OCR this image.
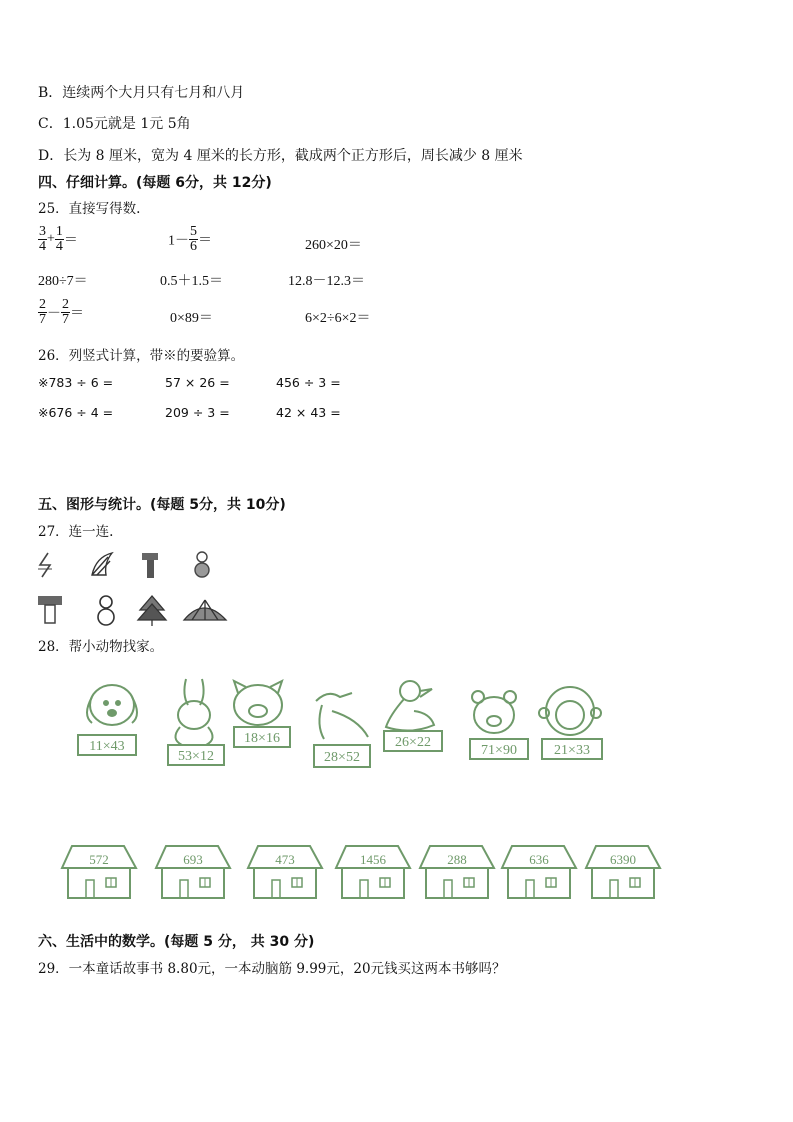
B．连续两个大月只有七月和八月
C．1.05元就是 1元 5角
D．长为 8 厘米，宽为 4 厘米的长方形，截成两个正方形后，周长减少 8 厘米
四、仔细计算。(每题 6分，共 12分)
25．直接写得数.
$\frac{3}{4} + \frac{1}{4}$ ＝	$1- \frac{5}{6}$ ＝	260×20＝
280÷7＝	0.5＋1.5＝	12.8－12.3＝
$\frac{2}{7} - \frac{2}{7}$ ＝	0×89＝	6×2÷6×2＝
26．列竖式计算，带※的要验算。
※783 ÷ 6 =	57 × 26 =	456 ÷ 3 =
※676 ÷ 4 =	209 ÷ 3 =	42 × 43 =
五、图形与统计。(每题 5分，共 10分)
27．连一连.
28．帮小动物找家。
11×43
53×12
18×16
28×52
26×22
71×90	21×33
572	693	473	1456	288	636	6390
六、生活中的数学。(每题 5 分， 共 30 分)
29．一本童话故事书 8.80元，一本动脑筋 9.99元，20元钱买这两本书够吗？
